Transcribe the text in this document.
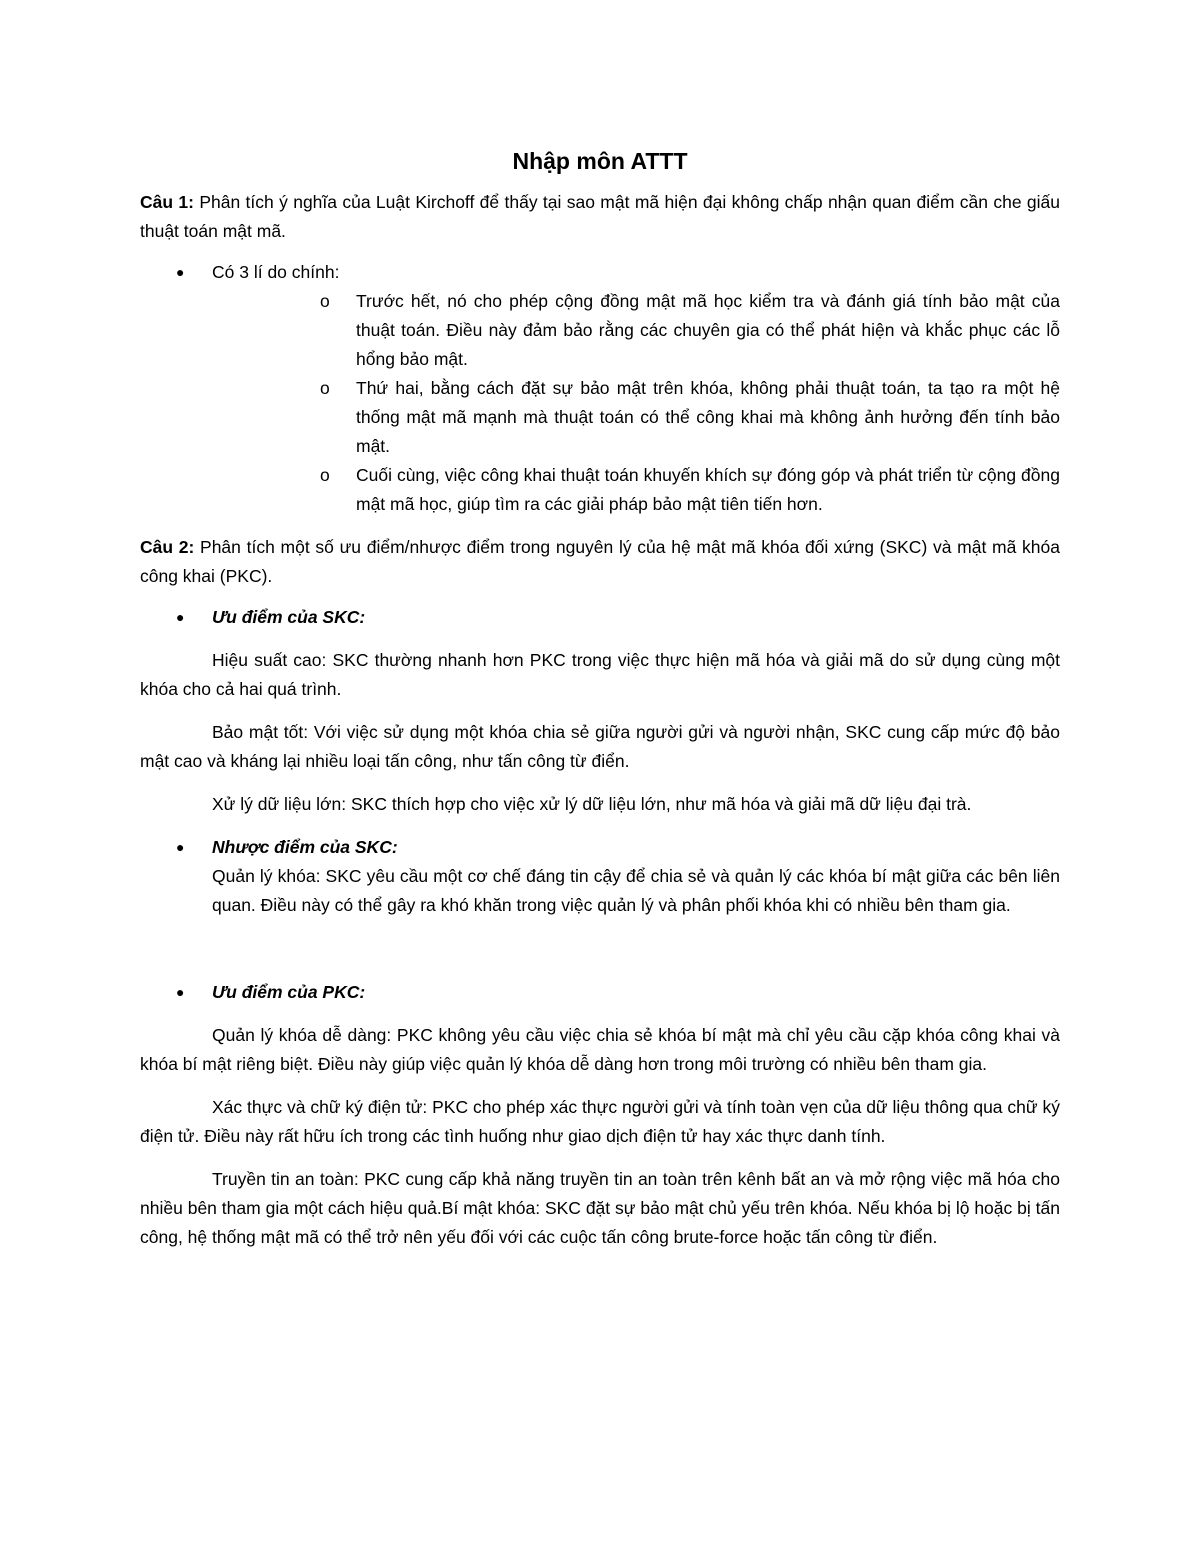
Nhập môn ATTT

Câu 1: Phân tích ý nghĩa của Luật Kirchoff để thấy tại sao mật mã hiện đại không chấp nhận quan điểm cần che giấu thuật toán mật mã.

● Có 3 lí do chính:
o Trước hết, nó cho phép cộng đồng mật mã học kiểm tra và đánh giá tính bảo mật của thuật toán. Điều này đảm bảo rằng các chuyên gia có thể phát hiện và khắc phục các lỗ hổng bảo mật.
o Thứ hai, bằng cách đặt sự bảo mật trên khóa, không phải thuật toán, ta tạo ra một hệ thống mật mã mạnh mà thuật toán có thể công khai mà không ảnh hưởng đến tính bảo mật.
o Cuối cùng, việc công khai thuật toán khuyến khích sự đóng góp và phát triển từ cộng đồng mật mã học, giúp tìm ra các giải pháp bảo mật tiên tiến hơn.

Câu 2: Phân tích một số ưu điểm/nhược điểm trong nguyên lý của hệ mật mã khóa đối xứng (SKC) và mật mã khóa công khai (PKC).

● Ưu điểm của SKC:

Hiệu suất cao: SKC thường nhanh hơn PKC trong việc thực hiện mã hóa và giải mã do sử dụng cùng một khóa cho cả hai quá trình.

Bảo mật tốt: Với việc sử dụng một khóa chia sẻ giữa người gửi và người nhận, SKC cung cấp mức độ bảo mật cao và kháng lại nhiều loại tấn công, như tấn công từ điển.

Xử lý dữ liệu lớn: SKC thích hợp cho việc xử lý dữ liệu lớn, như mã hóa và giải mã dữ liệu đại trà.

● Nhược điểm của SKC:

Quản lý khóa: SKC yêu cầu một cơ chế đáng tin cậy để chia sẻ và quản lý các khóa bí mật giữa các bên liên quan. Điều này có thể gây ra khó khăn trong việc quản lý và phân phối khóa khi có nhiều bên tham gia.

● Ưu điểm của PKC:

Quản lý khóa dễ dàng: PKC không yêu cầu việc chia sẻ khóa bí mật mà chỉ yêu cầu cặp khóa công khai và khóa bí mật riêng biệt. Điều này giúp việc quản lý khóa dễ dàng hơn trong môi trường có nhiều bên tham gia.

Xác thực và chữ ký điện tử: PKC cho phép xác thực người gửi và tính toàn vẹn của dữ liệu thông qua chữ ký điện tử. Điều này rất hữu ích trong các tình huống như giao dịch điện tử hay xác thực danh tính.

Truyền tin an toàn: PKC cung cấp khả năng truyền tin an toàn trên kênh bất an và mở rộng việc mã hóa cho nhiều bên tham gia một cách hiệu quả.Bí mật khóa: SKC đặt sự bảo mật chủ yếu trên khóa. Nếu khóa bị lộ hoặc bị tấn công, hệ thống mật mã có thể trở nên yếu đối với các cuộc tấn công brute-force hoặc tấn công từ điển.
